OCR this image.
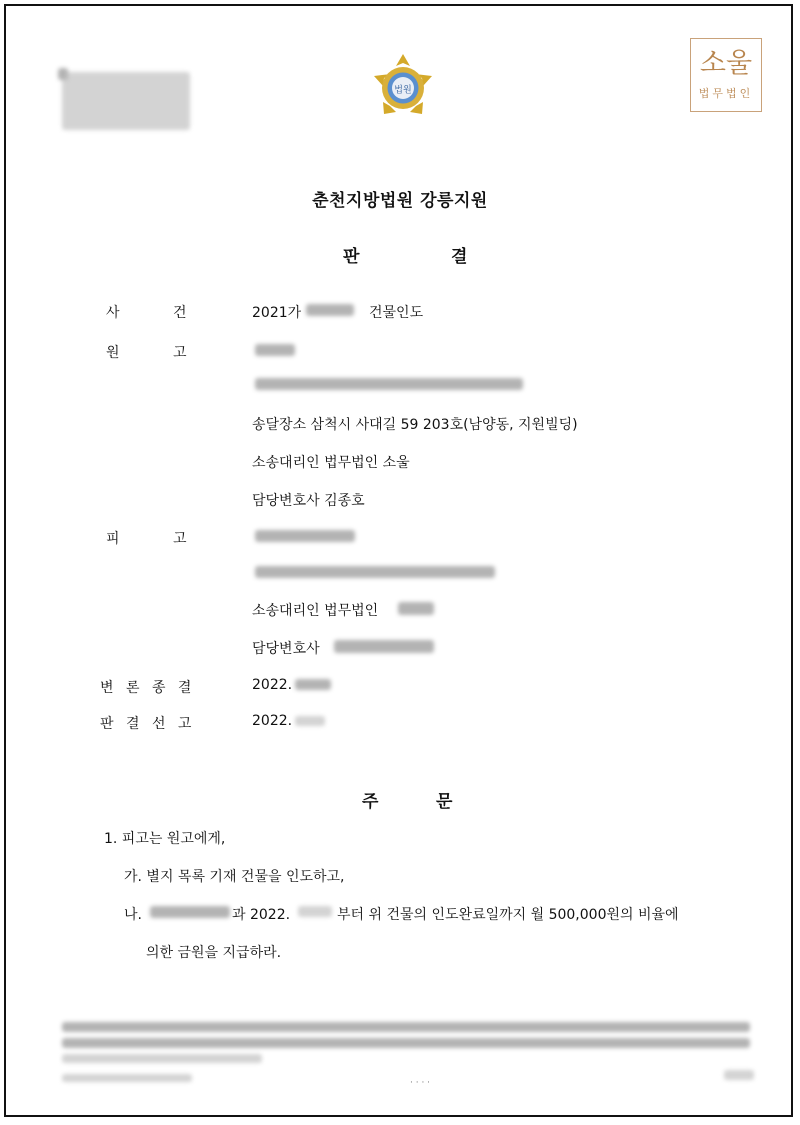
법원
소울
법무법인
춘천지방법원 강릉지원
판	결
사	건	2021가	건물인도
원	고
송달장소 삼척시 사대길 59 203호(남양동, 지원빌딩)
소송대리인 법무법인 소울
담당변호사 김종호
피	고
소송대리인 법무법인
담당변호사
변 론 종 결	2022.
판 결 선 고	2022.
주	문
1. 피고는 원고에게,
가. 별지 목록 기재 건물을 인도하고,
나.	과 2022.	부터 위 건물의 인도완료일까지 월 500,000원의 비율에
의한 금원을 지급하라.
· · · ·
